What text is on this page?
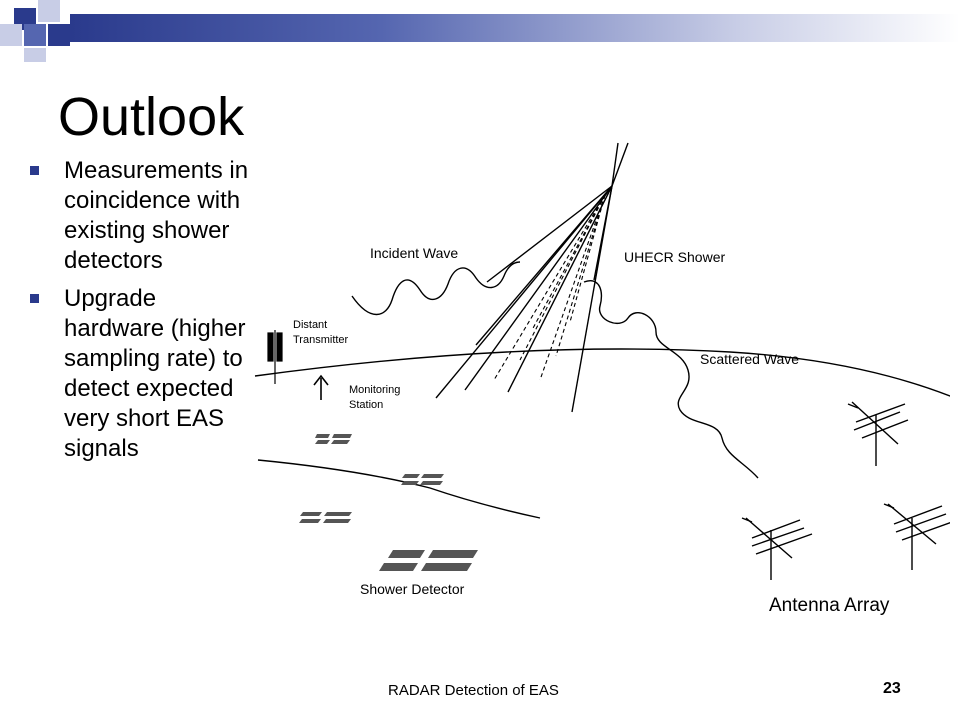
Outlook
Measurements in coincidence with existing shower detectors
Upgrade hardware (higher sampling rate) to detect expected very short EAS signals
Incident Wave	UHECR Shower
Distant
Transmitter
Monitoring
Station
Scattered Wave
Shower Detector
Antenna Array
RADAR Detection of EAS	23
